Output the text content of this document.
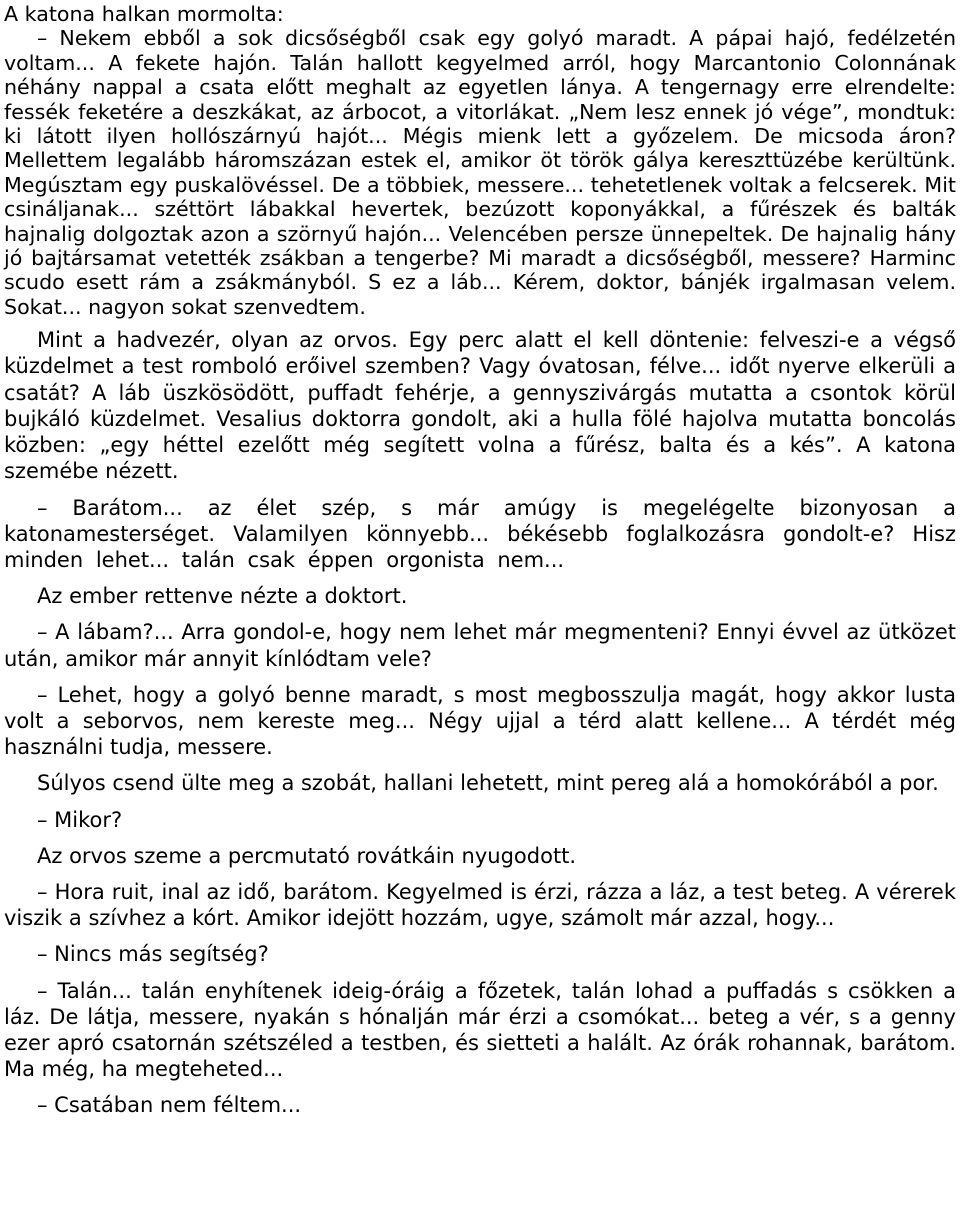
A katona halkan mormolta:

– Nekem ebből a sok dicsőségből csak egy golyó maradt. A pápai hajó, fedélzetén voltam... A fekete hajón. Talán hallott kegyelmed arról, hogy Marcantonio Colonnának néhány nappal a csata előtt meghalt az egyetlen lánya. A tengernagy erre elrendelte: fessék feketére a deszkákat, az árbocot, a vitorlákat. „Nem lesz ennek jó vége”, mondtuk: ki látott ilyen hollószárnyú hajót... Mégis mienk lett a győzelem. De micsoda áron? Mellettem legalább háromszázan estek el, amikor öt török gálya kereszttüzébe kerültünk. Megúsztam egy puskalövéssel. De a többiek, messere... tehetetlenek voltak a felcserek. Mit csináljanak... széttört lábakkal hevertek, bezúzott koponyákkal, a fűrészek és balták hajnalig dolgoztak azon a szörnyű hajón... Velencében persze ünnepeltek. De hajnalig hány jó bajtársamat vetették zsákban a tengerbe? Mi maradt a dicsőségből, messere? Harminc scudo esett rám a zsákmányból. S ez a láb... Kérem, doktor, bánjék irgalmasan velem. Sokat... nagyon sokat szenvedtem.

Mint a hadvezér, olyan az orvos. Egy perc alatt el kell döntenie: felveszi-e a végső küzdelmet a test romboló erőivel szemben? Vagy óvatosan, félve... időt nyerve elkerüli a csatát? A láb üszkösödött, puffadt fehérje, a gennyszivárgás mutatta a csontok körül bujkáló küzdelmet. Vesalius doktorra gondolt, aki a hulla fölé hajolva mutatta boncolás közben: „egy héttel ezelőtt még segített volna a fűrész, balta és a kés”. A katona szemébe nézett.

– Barátom... az élet szép, s már amúgy is megelégelte bizonyosan a katonamesterséget. Valamilyen könnyebb... békésebb foglalkozásra gondolt-e? Hisz minden lehet... talán csak éppen orgonista nem...

Az ember rettenve nézte a doktort.

– A lábam?... Arra gondol-e, hogy nem lehet már megmenteni? Ennyi évvel az ütközet után, amikor már annyit kínlódtam vele?

– Lehet, hogy a golyó benne maradt, s most megbosszulja magát, hogy akkor lusta volt a seborvos, nem kereste meg... Négy ujjal a térd alatt kellene... A térdét még használni tudja, messere.

Súlyos csend ülte meg a szobát, hallani lehetett, mint pereg alá a homokórából a por.

– Mikor?

Az orvos szeme a percmutató rovátkáin nyugodott.

– Hora ruit, inal az idő, barátom. Kegyelmed is érzi, rázza a láz, a test beteg. A vérerek viszik a szívhez a kórt. Amikor idejött hozzám, ugye, számolt már azzal, hogy...

– Nincs más segítség?

– Talán... talán enyhítenek ideig-óráig a főzetek, talán lohad a puffadás s csökken a láz. De látja, messere, nyakán s hónalján már érzi a csomókat... beteg a vér, s a genny ezer apró csatornán szétszéled a testben, és sietteti a halált. Az órák rohannak, barátom. Ma még, ha megteheted...

– Csatában nem féltem...
